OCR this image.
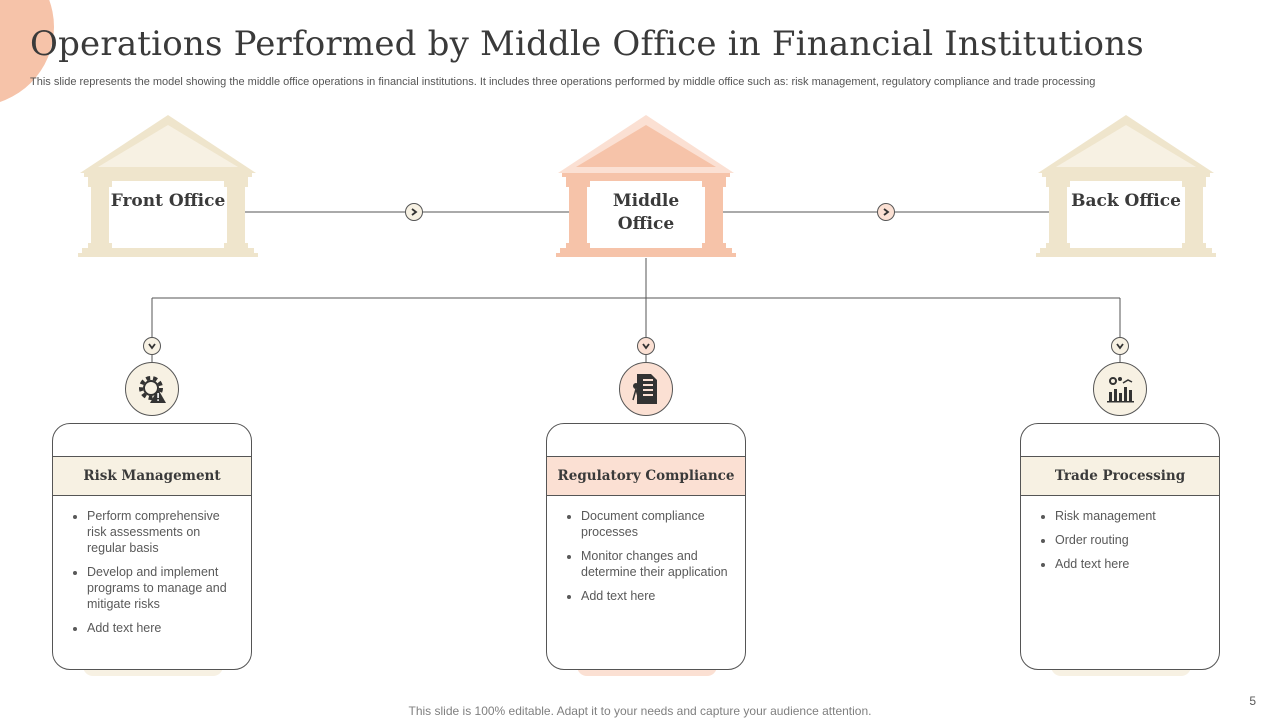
Operations Performed by Middle Office in Financial Institutions
This slide represents the model showing the middle office operations in financial institutions. It includes three operations performed by middle office such as: risk management, regulatory compliance and trade processing
Front Office	Middle Office
Back Office
Risk Management
• Perform comprehensive risk assessments on regular basis
• Develop and implement programs to manage and mitigate risks
• Add text here
Regulatory Compliance
• Document compliance processes
• Monitor changes and determine their application
• Add text here
Trade Processing
• Risk management
• Order routing
• Add text here
This slide is 100% editable. Adapt it to your needs and capture your audience attention.
5
